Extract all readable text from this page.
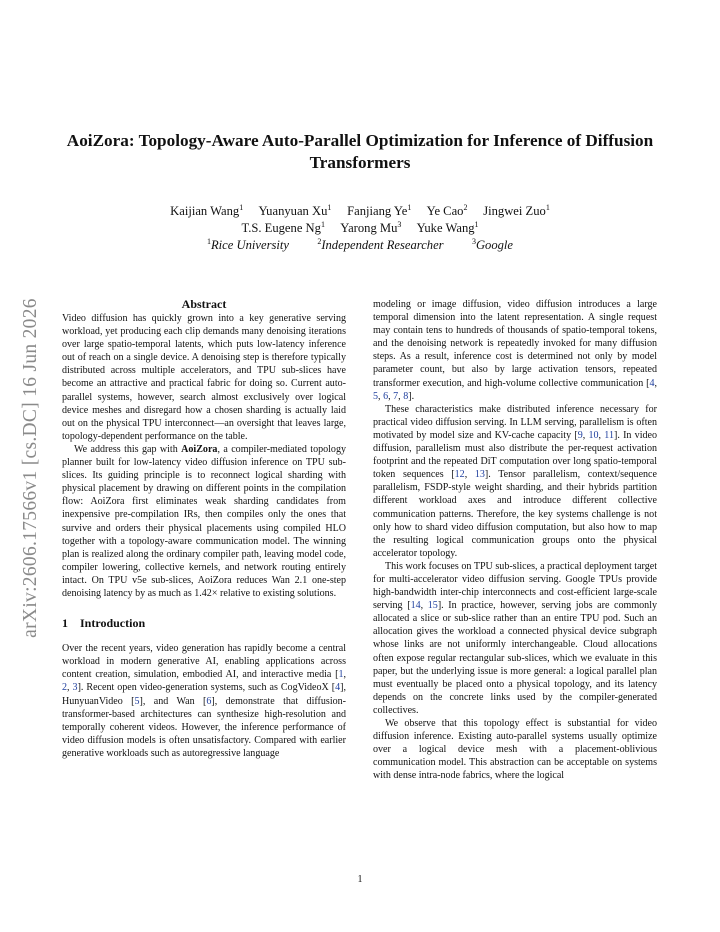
arXiv:2606.17566v1 [cs.DC] 16 Jun 2026
AoiZora: Topology-Aware Auto-Parallel Optimization for Inference of Diffusion Transformers
Kaijian Wang$^1$ Yuanyuan Xu$^1$ Fanjiang Ye$^1$ Ye Cao$^2$ Jingwei Zuo$^1$
T.S. Eugene Ng$^1$ Yarong Mu$^3$ Yuke Wang$^1$
$^1$Rice University	$^2$Independent Researcher	$^3$Google
Abstract

Video diffusion has quickly grown into a key generative serving workload, yet producing each clip demands many denoising iterations over large spatio-temporal latents, which puts low-latency inference out of reach on a single device. A denoising step is therefore typically distributed across multiple accelerators, and TPU sub-slices have become an attractive and practical fabric for doing so. Current auto-parallel systems, however, search almost exclusively over logical device meshes and disregard how a chosen sharding is actually laid out on the physical TPU interconnect—an oversight that leaves large, topology-dependent performance on the table.

We address this gap with AoiZora, a compiler-mediated topology planner built for low-latency video diffusion inference on TPU sub-slices. Its guiding principle is to reconnect logical sharding with physical placement by drawing on different points in the compilation flow: AoiZora first eliminates weak sharding candidates from inexpensive pre-compilation IRs, then compiles only the ones that survive and orders their physical placements using compiled HLO together with a topology-aware communication model. The winning plan is realized along the ordinary compiler path, leaving model code, compiler lowering, collective kernels, and network routing entirely intact. On TPU v5e sub-slices, AoiZora reduces Wan 2.1 one-step denoising latency by as much as 1.42× relative to existing solutions.

1 Introduction

Over the recent years, video generation has rapidly become a central workload in modern generative AI, enabling applications across content creation, simulation, embodied AI, and interactive media [1, 2, 3]. Recent open video-generation systems, such as CogVideoX [4], HunyuanVideo [5], and Wan [6], demonstrate that diffusion-transformer-based architectures can synthesize high-resolution and temporally coherent videos. However, the inference performance of video diffusion models is often unsatisfactory. Compared with earlier generative workloads such as autoregressive language

modeling or image diffusion, video diffusion introduces a large temporal dimension into the latent representation. A single request may contain tens to hundreds of thousands of spatio-temporal tokens, and the denoising network is repeatedly invoked for many diffusion steps. As a result, inference cost is determined not only by model parameter count, but also by large activation tensors, repeated transformer execution, and high-volume collective communication [4, 5, 6, 7, 8].

These characteristics make distributed inference necessary for practical video diffusion serving. In LLM serving, parallelism is often motivated by model size and KV-cache capacity [9, 10, 11]. In video diffusion, parallelism must also distribute the per-request activation footprint and the repeated DiT computation over long spatio-temporal token sequences [12, 13]. Tensor parallelism, context/sequence parallelism, FSDP-style weight sharding, and their hybrids partition different workload axes and introduce different collective communication patterns. Therefore, the key systems challenge is not only how to shard video diffusion computation, but also how to map the resulting logical communication groups onto the physical accelerator topology.

This work focuses on TPU sub-slices, a practical deployment target for multi-accelerator video diffusion serving. Google TPUs provide high-bandwidth inter-chip interconnects and cost-efficient large-scale serving [14, 15]. In practice, however, serving jobs are commonly allocated a slice or sub-slice rather than an entire TPU pod. Such an allocation gives the workload a connected physical device subgraph whose links are not uniformly interchangeable. Cloud allocations often expose regular rectangular sub-slices, which we evaluate in this paper, but the underlying issue is more general: a logical parallel plan must eventually be placed onto a physical topology, and its latency depends on the concrete links used by the compiler-generated collectives.

We observe that this topology effect is substantial for video diffusion inference. Existing auto-parallel systems usually optimize over a logical device mesh with a placement-oblivious communication model. This abstraction can be acceptable on systems with dense intra-node fabrics, where the logical

1
